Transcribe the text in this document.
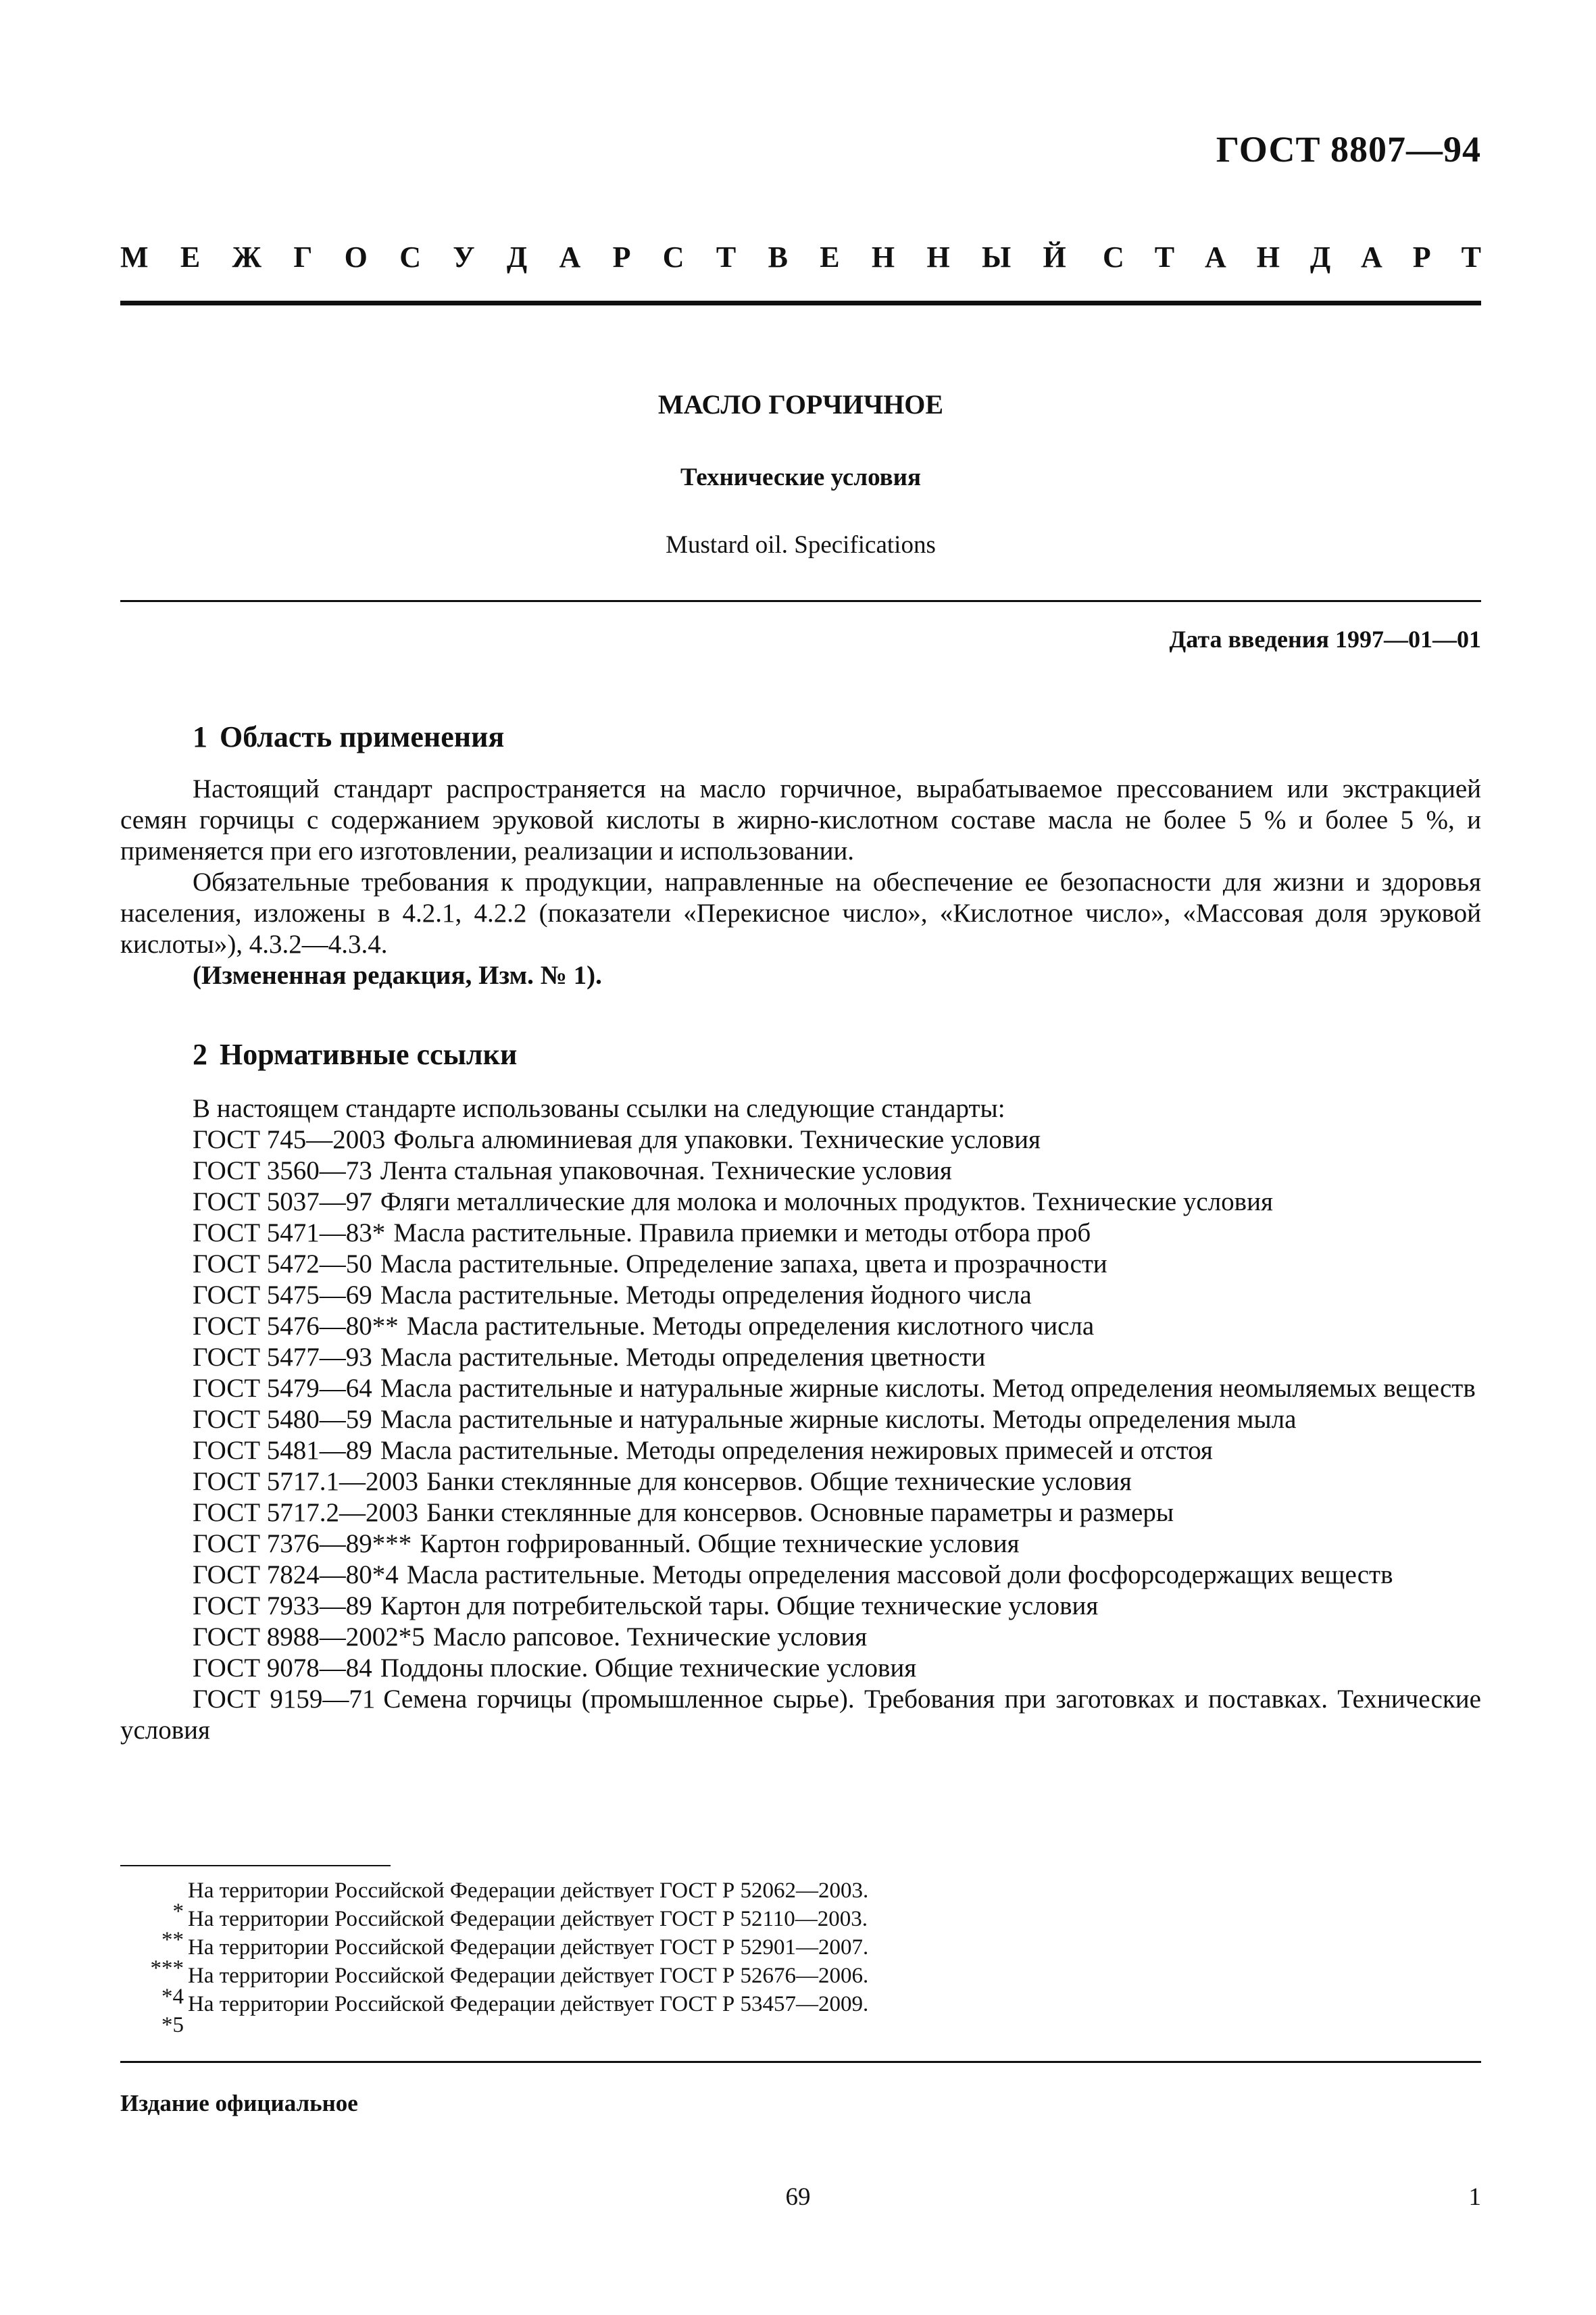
ГОСТ 8807—94
М Е Ж Г О С У Д А Р С Т В Е Н Н Ы Й С Т А Н Д А Р Т
МАСЛО ГОРЧИЧНОЕ
Технические условия
Mustard oil. Specifications
Дата введения 1997—01—01
1 Область применения

Настоящий стандарт распространяется на масло горчичное, вырабатываемое прессованием или экстракцией семян горчицы с содержанием эруковой кислоты в жирно-кислотном составе масла не более 5 % и более 5 %, и применяется при его изготовлении, реализации и использовании.

Обязательные требования к продукции, направленные на обеспечение ее безопасности для жизни и здоровья населения, изложены в 4.2.1, 4.2.2 (показатели «Перекисное число», «Кислотное число», «Массовая доля эруковой кислоты»), 4.3.2—4.3.4.

(Измененная редакция, Изм. № 1).

2 Нормативные ссылки

В настоящем стандарте использованы ссылки на следующие стандарты:

ГОСТ 745—2003 Фольга алюминиевая для упаковки. Технические условия

ГОСТ 3560—73 Лента стальная упаковочная. Технические условия

ГОСТ 5037—97 Фляги металлические для молока и молочных продуктов. Технические условия

ГОСТ 5471—83* Масла растительные. Правила приемки и методы отбора проб

ГОСТ 5472—50 Масла растительные. Определение запаха, цвета и прозрачности

ГОСТ 5475—69 Масла растительные. Методы определения йодного числа

ГОСТ 5476—80** Масла растительные. Методы определения кислотного числа

ГОСТ 5477—93 Масла растительные. Методы определения цветности

ГОСТ 5479—64 Масла растительные и натуральные жирные кислоты. Метод определения неомыляемых веществ

ГОСТ 5480—59 Масла растительные и натуральные жирные кислоты. Методы определения мыла

ГОСТ 5481—89 Масла растительные. Методы определения нежировых примесей и отстоя

ГОСТ 5717.1—2003 Банки стеклянные для консервов. Общие технические условия

ГОСТ 5717.2—2003 Банки стеклянные для консервов. Основные параметры и размеры

ГОСТ 7376—89*** Картон гофрированный. Общие технические условия

ГОСТ 7824—80*4 Масла растительные. Методы определения массовой доли фосфорсодержащих веществ

ГОСТ 7933—89 Картон для потребительской тары. Общие технические условия

ГОСТ 8988—2002*5 Масло рапсовое. Технические условия

ГОСТ 9078—84 Поддоны плоские. Общие технические условия

ГОСТ 9159—71 Семена горчицы (промышленное сырье). Требования при заготовках и поставках. Технические условия

*
На территории Российской Федерации действует ГОСТ Р 52062—2003.

**
На территории Российской Федерации действует ГОСТ Р 52110—2003.

***
На территории Российской Федерации действует ГОСТ Р 52901—2007.

*4
На территории Российской Федерации действует ГОСТ Р 52676—2006.

*5
На территории Российской Федерации действует ГОСТ Р 53457—2009.

Издание официальное
69	1
